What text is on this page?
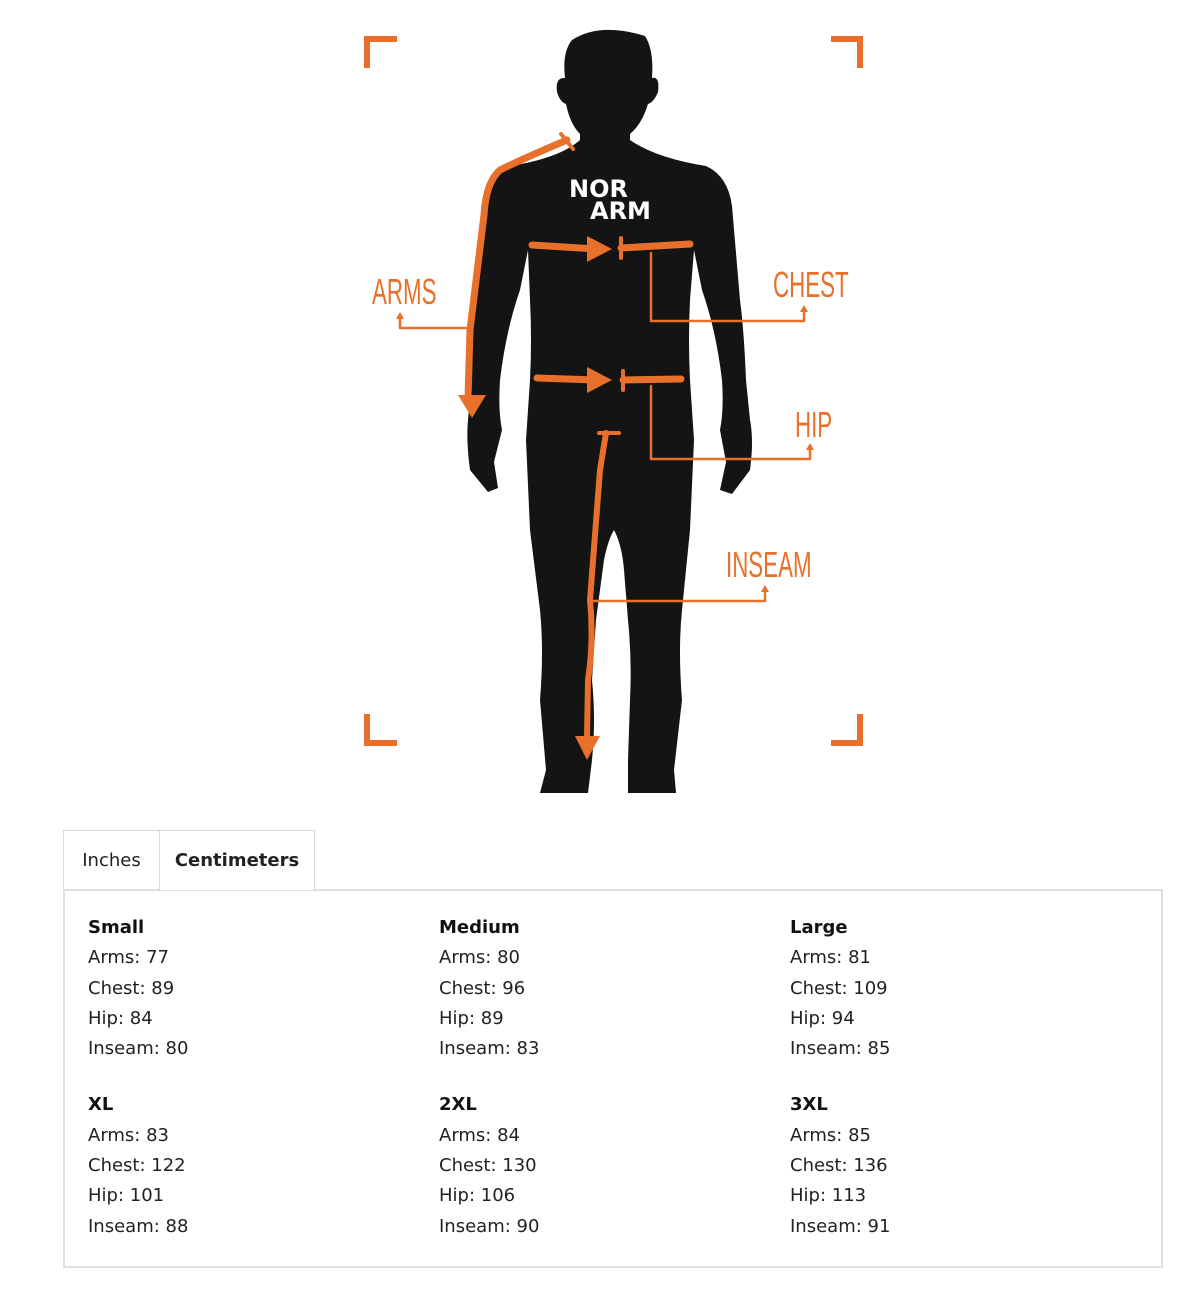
NOR
ARM
ARMS	CHEST
HIP
INSEAM
Inches Centimeters
Small
Arms: 77
Chest: 89
Hip: 84
Inseam: 80
Medium
Arms: 80
Chest: 96
Hip: 89
Inseam: 83
Large
Arms: 81
Chest: 109
Hip: 94
Inseam: 85
XL
Arms: 83
Chest: 122
Hip: 101
Inseam: 88
2XL
Arms: 84
Chest: 130
Hip: 106
Inseam: 90
3XL
Arms: 85
Chest: 136
Hip: 113
Inseam: 91
